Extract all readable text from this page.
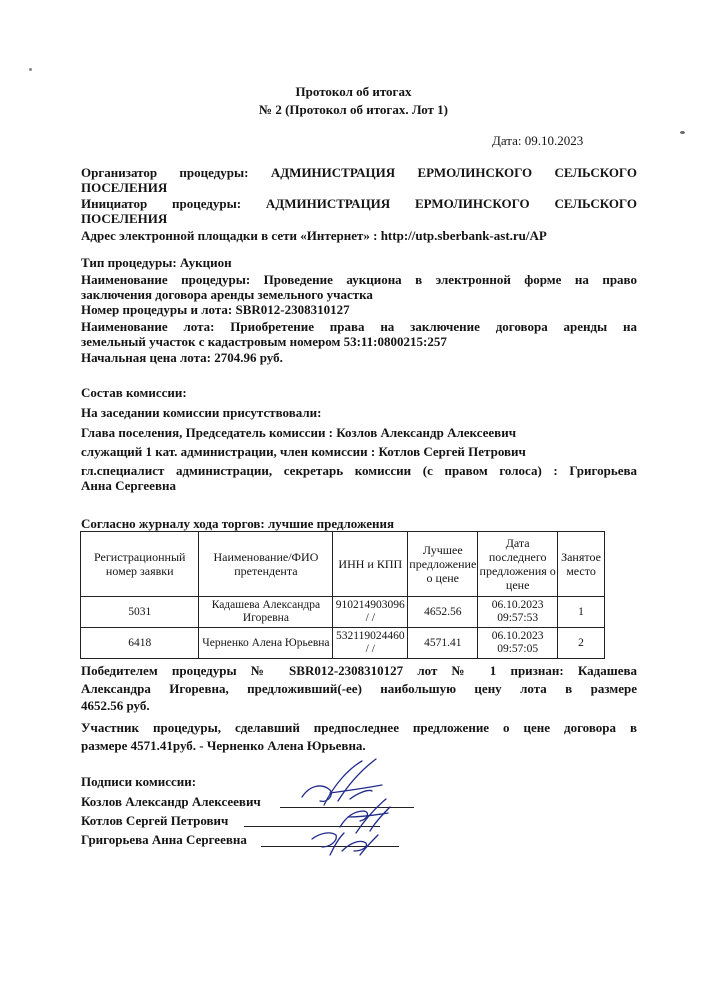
Протокол об итогах
№ 2 (Протокол об итогах. Лот 1)
Дата: 09.10.2023
Организатор процедуры: АДМИНИСТРАЦИЯ ЕРМОЛИНСКОГО СЕЛЬСКОГО
ПОСЕЛЕНИЯ
Инициатор процедуры: АДМИНИСТРАЦИЯ ЕРМОЛИНСКОГО СЕЛЬСКОГО
ПОСЕЛЕНИЯ
Адрес электронной площадки в сети «Интернет» : http://utp.sberbank-ast.ru/AP
Тип процедуры: Аукцион
Наименование процедуры: Проведение аукциона в электронной форме на право
заключения договора аренды земельного участка
Номер процедуры и лота: SBR012-2308310127
Наименование лота: Приобретение права на заключение договора аренды на
земельный участок с кадастровым номером 53:11:0800215:257
Начальная цена лота: 2704.96 руб.
Состав комиссии:
На заседании комиссии присутствовали:
Глава поселения, Председатель комиссии : Козлов Александр Алексеевич
служащий 1 кат. администрации, член комиссии : Котлов Сергей Петрович
гл.специалист администрации, секретарь комиссии (с правом голоса) : Григорьева
Анна Сергеевна
Согласно журналу хода торгов: лучшие предложения
Регистрационный номер заявки	Наименование/ФИО претендента	ИНН и КПП	Лучшее предложение о цене	Дата последнего предложения о цене	Занятое место
5031	Кадашева Александра Игоревна	910214903096 / /	4652.56	06.10.2023 09:57:53	1
6418	Черненко Алена Юрьевна	532119024460 / /	4571.41	06.10.2023 09:57:05	2
Победителем процедуры № SBR012-2308310127 лот № 1 признан: Кадашева
Александра Игоревна, предложивший(-ее) наибольшую цену лота в размере
4652.56 руб.
Участник процедуры, сделавший предпоследнее предложение о цене договора в
размере 4571.41руб. - Черненко Алена Юрьевна.
Подписи комиссии:
Козлов Александр Алексеевич
Котлов Сергей Петрович
Григорьева Анна Сергеевна
